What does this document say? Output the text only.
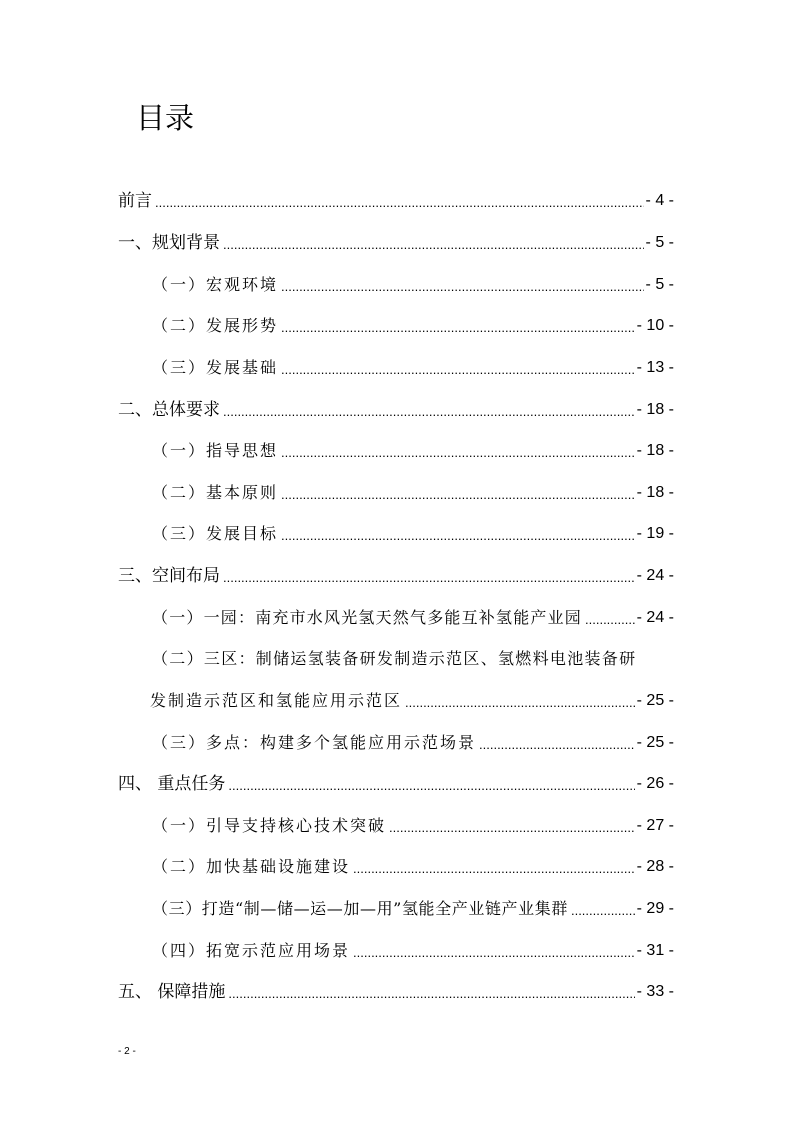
目录
前言 .....	- 4 -
一、规划背景 .....	- 5 -
（一）宏观环境 .....	- 5 -
（二）发展形势 .....	- 10 -
（三）发展基础 .....	- 13 -
二、总体要求 .....	- 18 -
（一）指导思想 .....	- 18 -
（二）基本原则 .....	- 18 -
（三）发展目标 .....	- 19 -
三、空间布局 .....	- 24 -
（一）一园：南充市水风光氢天然气多能互补氢能产业园 .....	- 24 -
（二）三区：制储运氢装备研发制造示范区、氢燃料电池装备研
发制造示范区和氢能应用示范区 .....	- 25 -
（三）多点：构建多个氢能应用示范场景 .....	- 25 -
四、 重点任务 .....	- 26 -
（一）引导支持核心技术突破 .....	- 27 -
（二）加快基础设施建设 .....	- 28 -
（三）打造“制—储—运—加—用”氢能全产业链产业集群 .....	- 29 -
（四）拓宽示范应用场景 .....	- 31 -
五、 保障措施 .....	- 33 -
- 2 -
